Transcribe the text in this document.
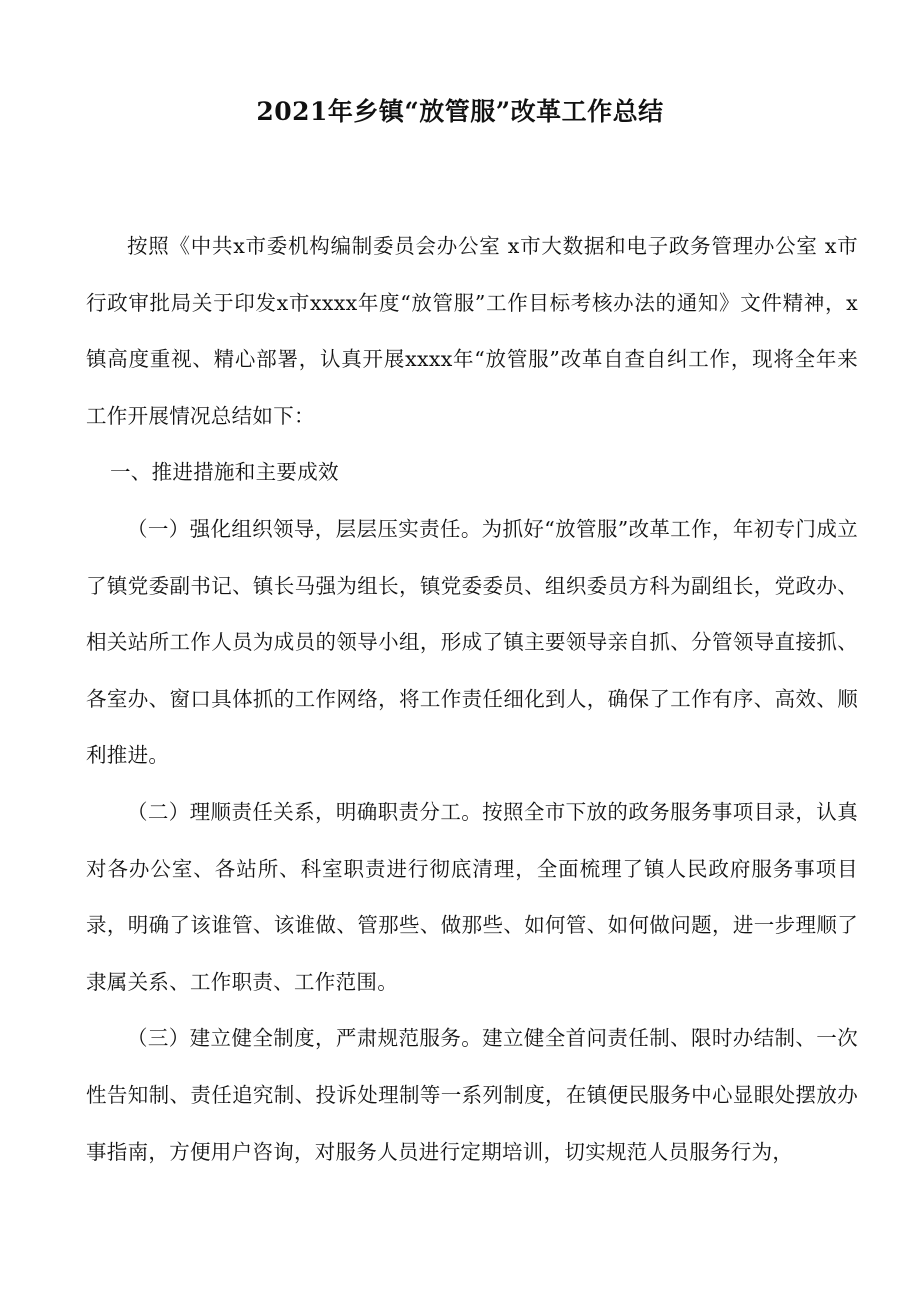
2021年乡镇“放管服”改革工作总结

按照《中共x市委机构编制委员会办公室 x市大数据和电子政务管理办公室 x市行政审批局关于印发x市xxxx年度“放管服”工作目标考核办法的通知》文件精神，x镇高度重视、精心部署，认真开展xxxx年“放管服”改革自查自纠工作，现将全年来工作开展情况总结如下：

一、推进措施和主要成效

（一）强化组织领导，层层压实责任。为抓好“放管服”改革工作，年初专门成立了镇党委副书记、镇长马强为组长，镇党委委员、组织委员方科为副组长，党政办、相关站所工作人员为成员的领导小组，形成了镇主要领导亲自抓、分管领导直接抓、各室办、窗口具体抓的工作网络，将工作责任细化到人，确保了工作有序、高效、顺利推进。

（二）理顺责任关系，明确职责分工。按照全市下放的政务服务事项目录，认真对各办公室、各站所、科室职责进行彻底清理，全面梳理了镇人民政府服务事项目录，明确了该谁管、该谁做、管那些、做那些、如何管、如何做问题，进一步理顺了隶属关系、工作职责、工作范围。

（三）建立健全制度，严肃规范服务。建立健全首问责任制、限时办结制、一次性告知制、责任追究制、投诉处理制等一系列制度，在镇便民服务中心显眼处摆放办事指南，方便用户咨询，对服务人员进行定期培训，切实规范人员服务行为，
